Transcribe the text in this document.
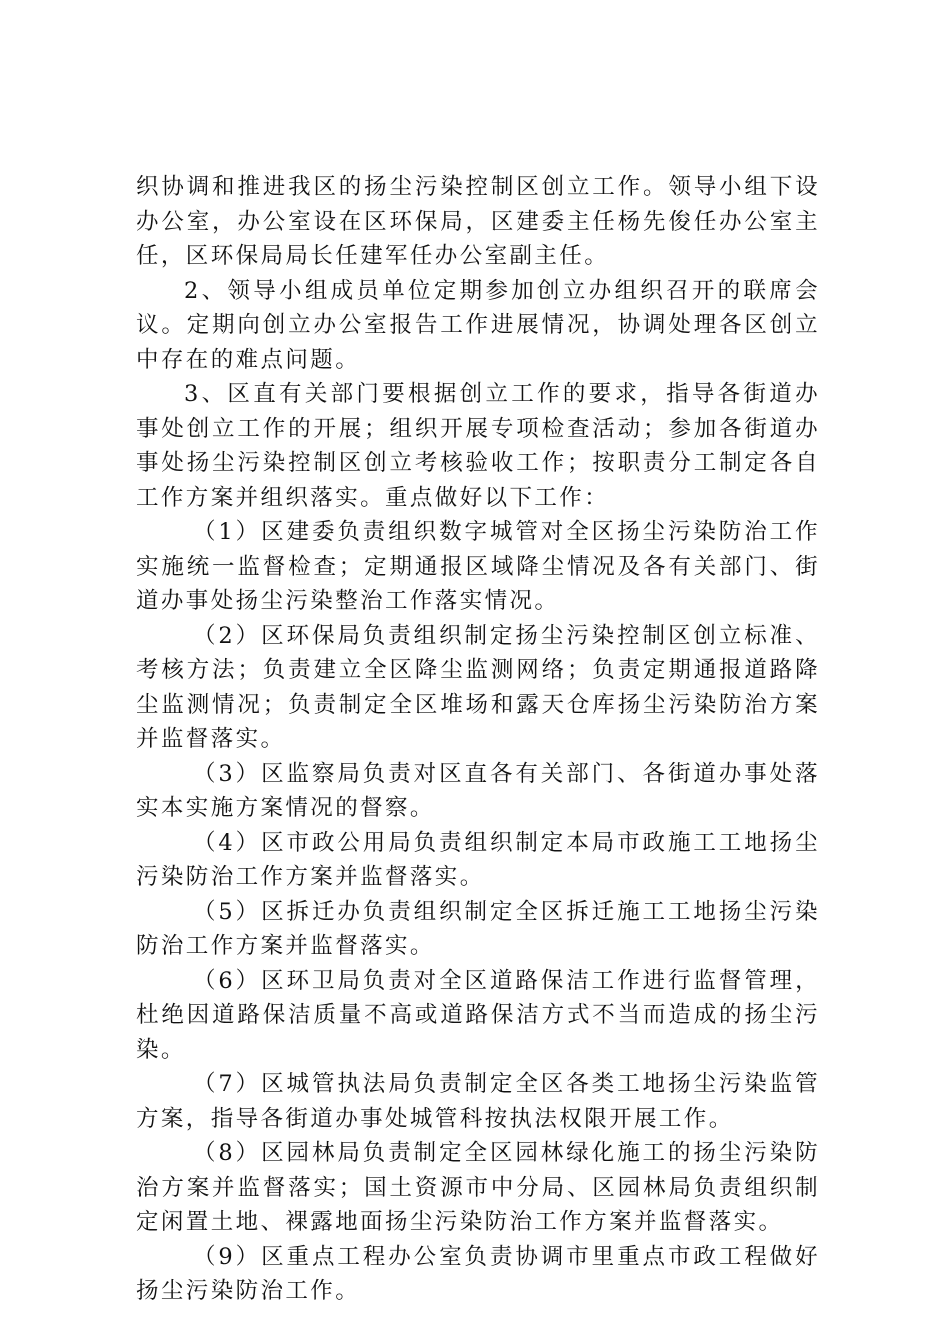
织协调和推进我区的扬尘污染控制区创立工作。领导小组下设办公室，办公室设在区环保局，区建委主任杨先俊任办公室主任，区环保局局长任建军任办公室副主任。

2、领导小组成员单位定期参加创立办组织召开的联席会议。定期向创立办公室报告工作进展情况，协调处理各区创立中存在的难点问题。

3、区直有关部门要根据创立工作的要求，指导各街道办事处创立工作的开展；组织开展专项检查活动；参加各街道办事处扬尘污染控制区创立考核验收工作；按职责分工制定各自工作方案并组织落实。重点做好以下工作：

（1）区建委负责组织数字城管对全区扬尘污染防治工作实施统一监督检查；定期通报区域降尘情况及各有关部门、街道办事处扬尘污染整治工作落实情况。

（2）区环保局负责组织制定扬尘污染控制区创立标准、考核方法；负责建立全区降尘监测网络；负责定期通报道路降尘监测情况；负责制定全区堆场和露天仓库扬尘污染防治方案并监督落实。

（3）区监察局负责对区直各有关部门、各街道办事处落实本实施方案情况的督察。

（4）区市政公用局负责组织制定本局市政施工工地扬尘污染防治工作方案并监督落实。

（5）区拆迁办负责组织制定全区拆迁施工工地扬尘污染防治工作方案并监督落实。

（6）区环卫局负责对全区道路保洁工作进行监督管理，杜绝因道路保洁质量不高或道路保洁方式不当而造成的扬尘污染。

（7）区城管执法局负责制定全区各类工地扬尘污染监管方案，指导各街道办事处城管科按执法权限开展工作。

（8）区园林局负责制定全区园林绿化施工的扬尘污染防治方案并监督落实；国土资源市中分局、区园林局负责组织制定闲置土地、裸露地面扬尘污染防治工作方案并监督落实。

（9）区重点工程办公室负责协调市里重点市政工程做好扬尘污染防治工作。
